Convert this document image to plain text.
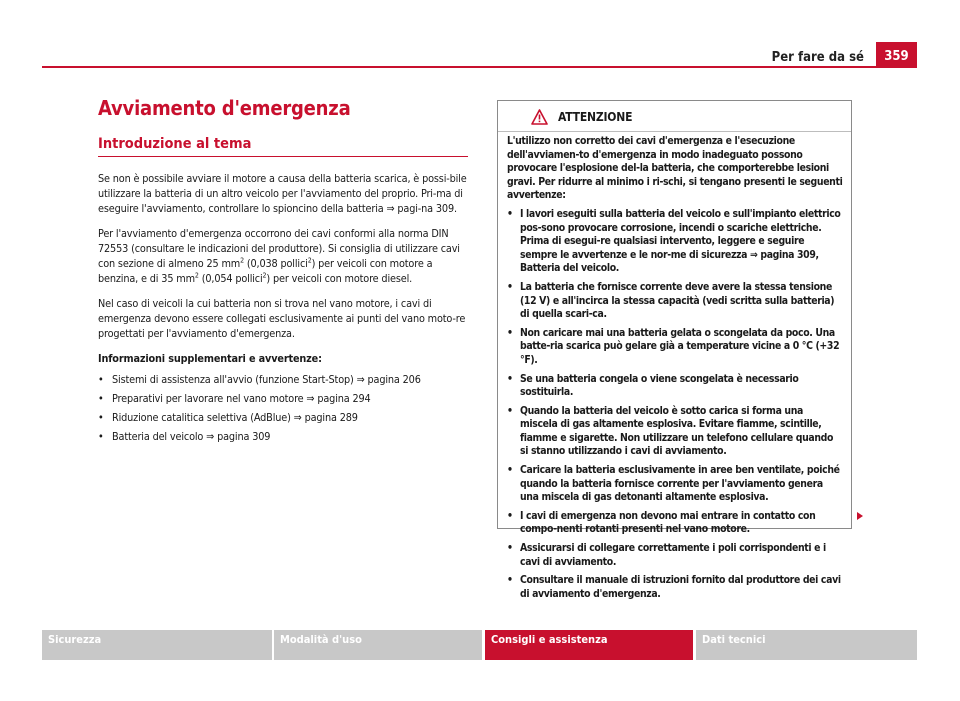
Per fare da sé	359
Avviamento d'emergenza
Introduzione al tema

Se non è possibile avviare il motore a causa della batteria scarica, è possi-bile utilizzare la batteria di un altro veicolo per l'avviamento del proprio. Pri-ma di eseguire l'avviamento, controllare lo spioncino della batteria ⇒ pagi-na 309.

Per l'avviamento d'emergenza occorrono dei cavi conformi alla norma DIN 72553 (consultare le indicazioni del produttore). Si consiglia di utilizzare cavi con sezione di almeno 25 $mm^2$ (0,038 pollici$^2$) per veicoli con motore a benzina, e di 35 $mm^2$ (0,054 pollici$^2$) per veicoli con motore diesel.

Nel caso di veicoli la cui batteria non si trova nel vano motore, i cavi di emergenza devono essere collegati esclusivamente ai punti del vano moto-re progettati per l'avviamento d'emergenza.

Informazioni supplementari e avvertenze:

• Sistemi di assistenza all'avvio (funzione Start-Stop) ⇒ pagina 206
• Preparativi per lavorare nel vano motore ⇒ pagina 294
• Riduzione catalitica selettiva (AdBlue) ⇒ pagina 289
• Batteria del veicolo ⇒ pagina 309
ATTENZIONE

L'utilizzo non corretto dei cavi d'emergenza e l'esecuzione dell'avviamen-to d'emergenza in modo inadeguato possono provocare l'esplosione del-la batteria, che comporterebbe lesioni gravi. Per ridurre al minimo i ri-schi, si tengano presenti le seguenti avvertenze:

• I lavori eseguiti sulla batteria del veicolo e sull'impianto elettrico pos-sono provocare corrosione, incendi o scariche elettriche. Prima di esegui-re qualsiasi intervento, leggere e seguire sempre le avvertenze e le nor-me di sicurezza ⇒ pagina 309, Batteria del veicolo.

• La batteria che fornisce corrente deve avere la stessa tensione (12 V) e all'incirca la stessa capacità (vedi scritta sulla batteria) di quella scari-ca.

• Non caricare mai una batteria gelata o scongelata da poco. Una batte-ria scarica può gelare già a temperature vicine a 0 °C (+32 °F).

• Se una batteria congela o viene scongelata è necessario sostituirla.

• Quando la batteria del veicolo è sotto carica si forma una miscela di gas altamente esplosiva. Evitare fiamme, scintille, fiamme e sigarette. Non utilizzare un telefono cellulare quando si stanno utilizzando i cavi di avviamento.

• Caricare la batteria esclusivamente in aree ben ventilate, poiché quando la batteria fornisce corrente per l'avviamento genera una miscela di gas detonanti altamente esplosiva.

• I cavi di emergenza non devono mai entrare in contatto con compo-nenti rotanti presenti nel vano motore.

• Assicurarsi di collegare correttamente i poli corrispondenti e i cavi di avviamento.

• Consultare il manuale di istruzioni fornito dal produttore dei cavi di avviamento d'emergenza.

Sicurezza	Modalità d'uso	Consigli e assistenza	Dati tecnici
